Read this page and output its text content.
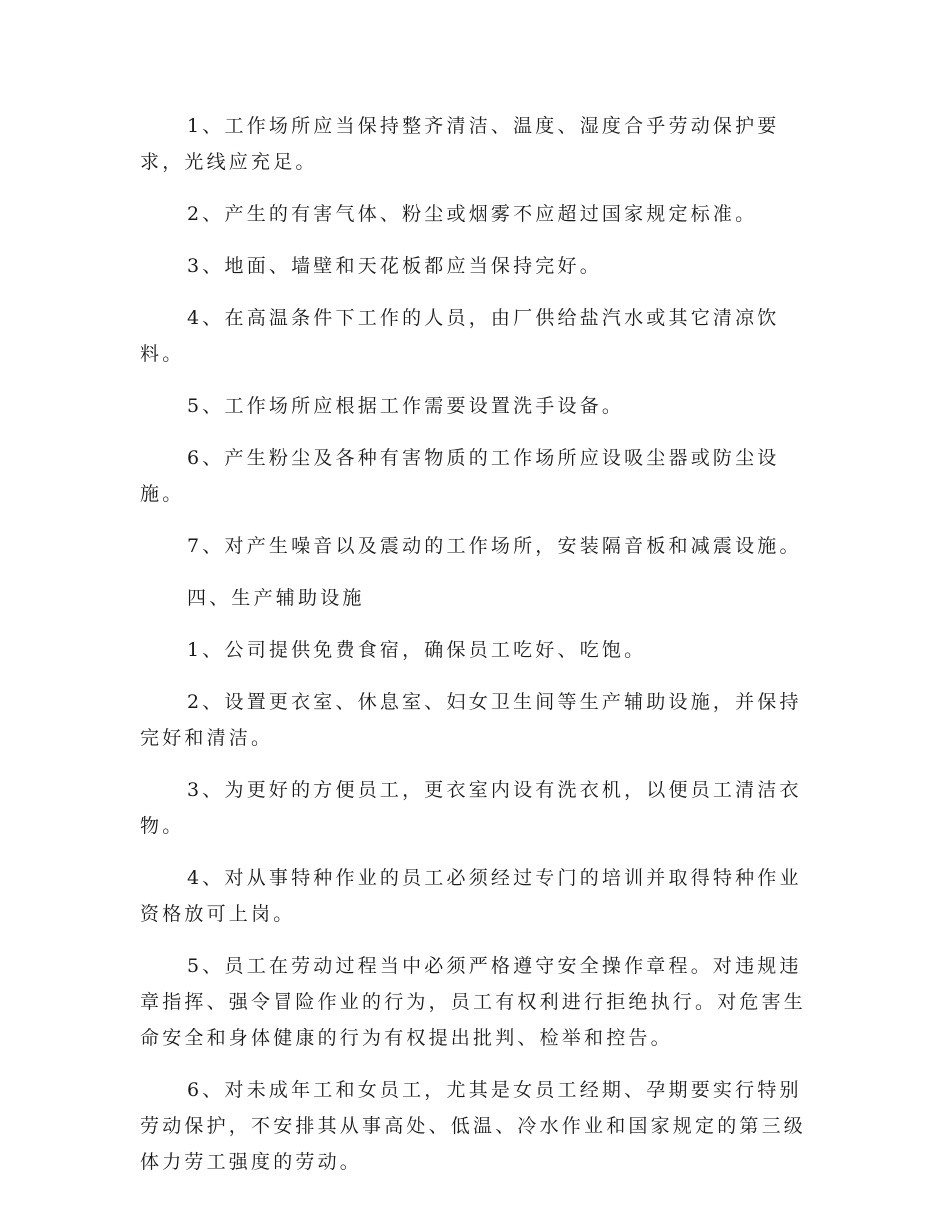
1、工作场所应当保持整齐清洁、温度、湿度合乎劳动保护要求，光线应充足。

2、产生的有害气体、粉尘或烟雾不应超过国家规定标准。

3、地面、墙壁和天花板都应当保持完好。

4、在高温条件下工作的人员，由厂供给盐汽水或其它清凉饮料。

5、工作场所应根据工作需要设置洗手设备。

6、产生粉尘及各种有害物质的工作场所应设吸尘器或防尘设施。

7、对产生噪音以及震动的工作场所，安装隔音板和减震设施。

四、生产辅助设施

1、公司提供免费食宿，确保员工吃好、吃饱。

2、设置更衣室、休息室、妇女卫生间等生产辅助设施，并保持完好和清洁。

3、为更好的方便员工，更衣室内设有洗衣机，以便员工清洁衣物。

4、对从事特种作业的员工必须经过专门的培训并取得特种作业资格放可上岗。

5、员工在劳动过程当中必须严格遵守安全操作章程。对违规违章指挥、强令冒险作业的行为，员工有权利进行拒绝执行。对危害生命安全和身体健康的行为有权提出批判、检举和控告。

6、对未成年工和女员工，尤其是女员工经期、孕期要实行特别劳动保护，不安排其从事高处、低温、冷水作业和国家规定的第三级体力劳工强度的劳动。
